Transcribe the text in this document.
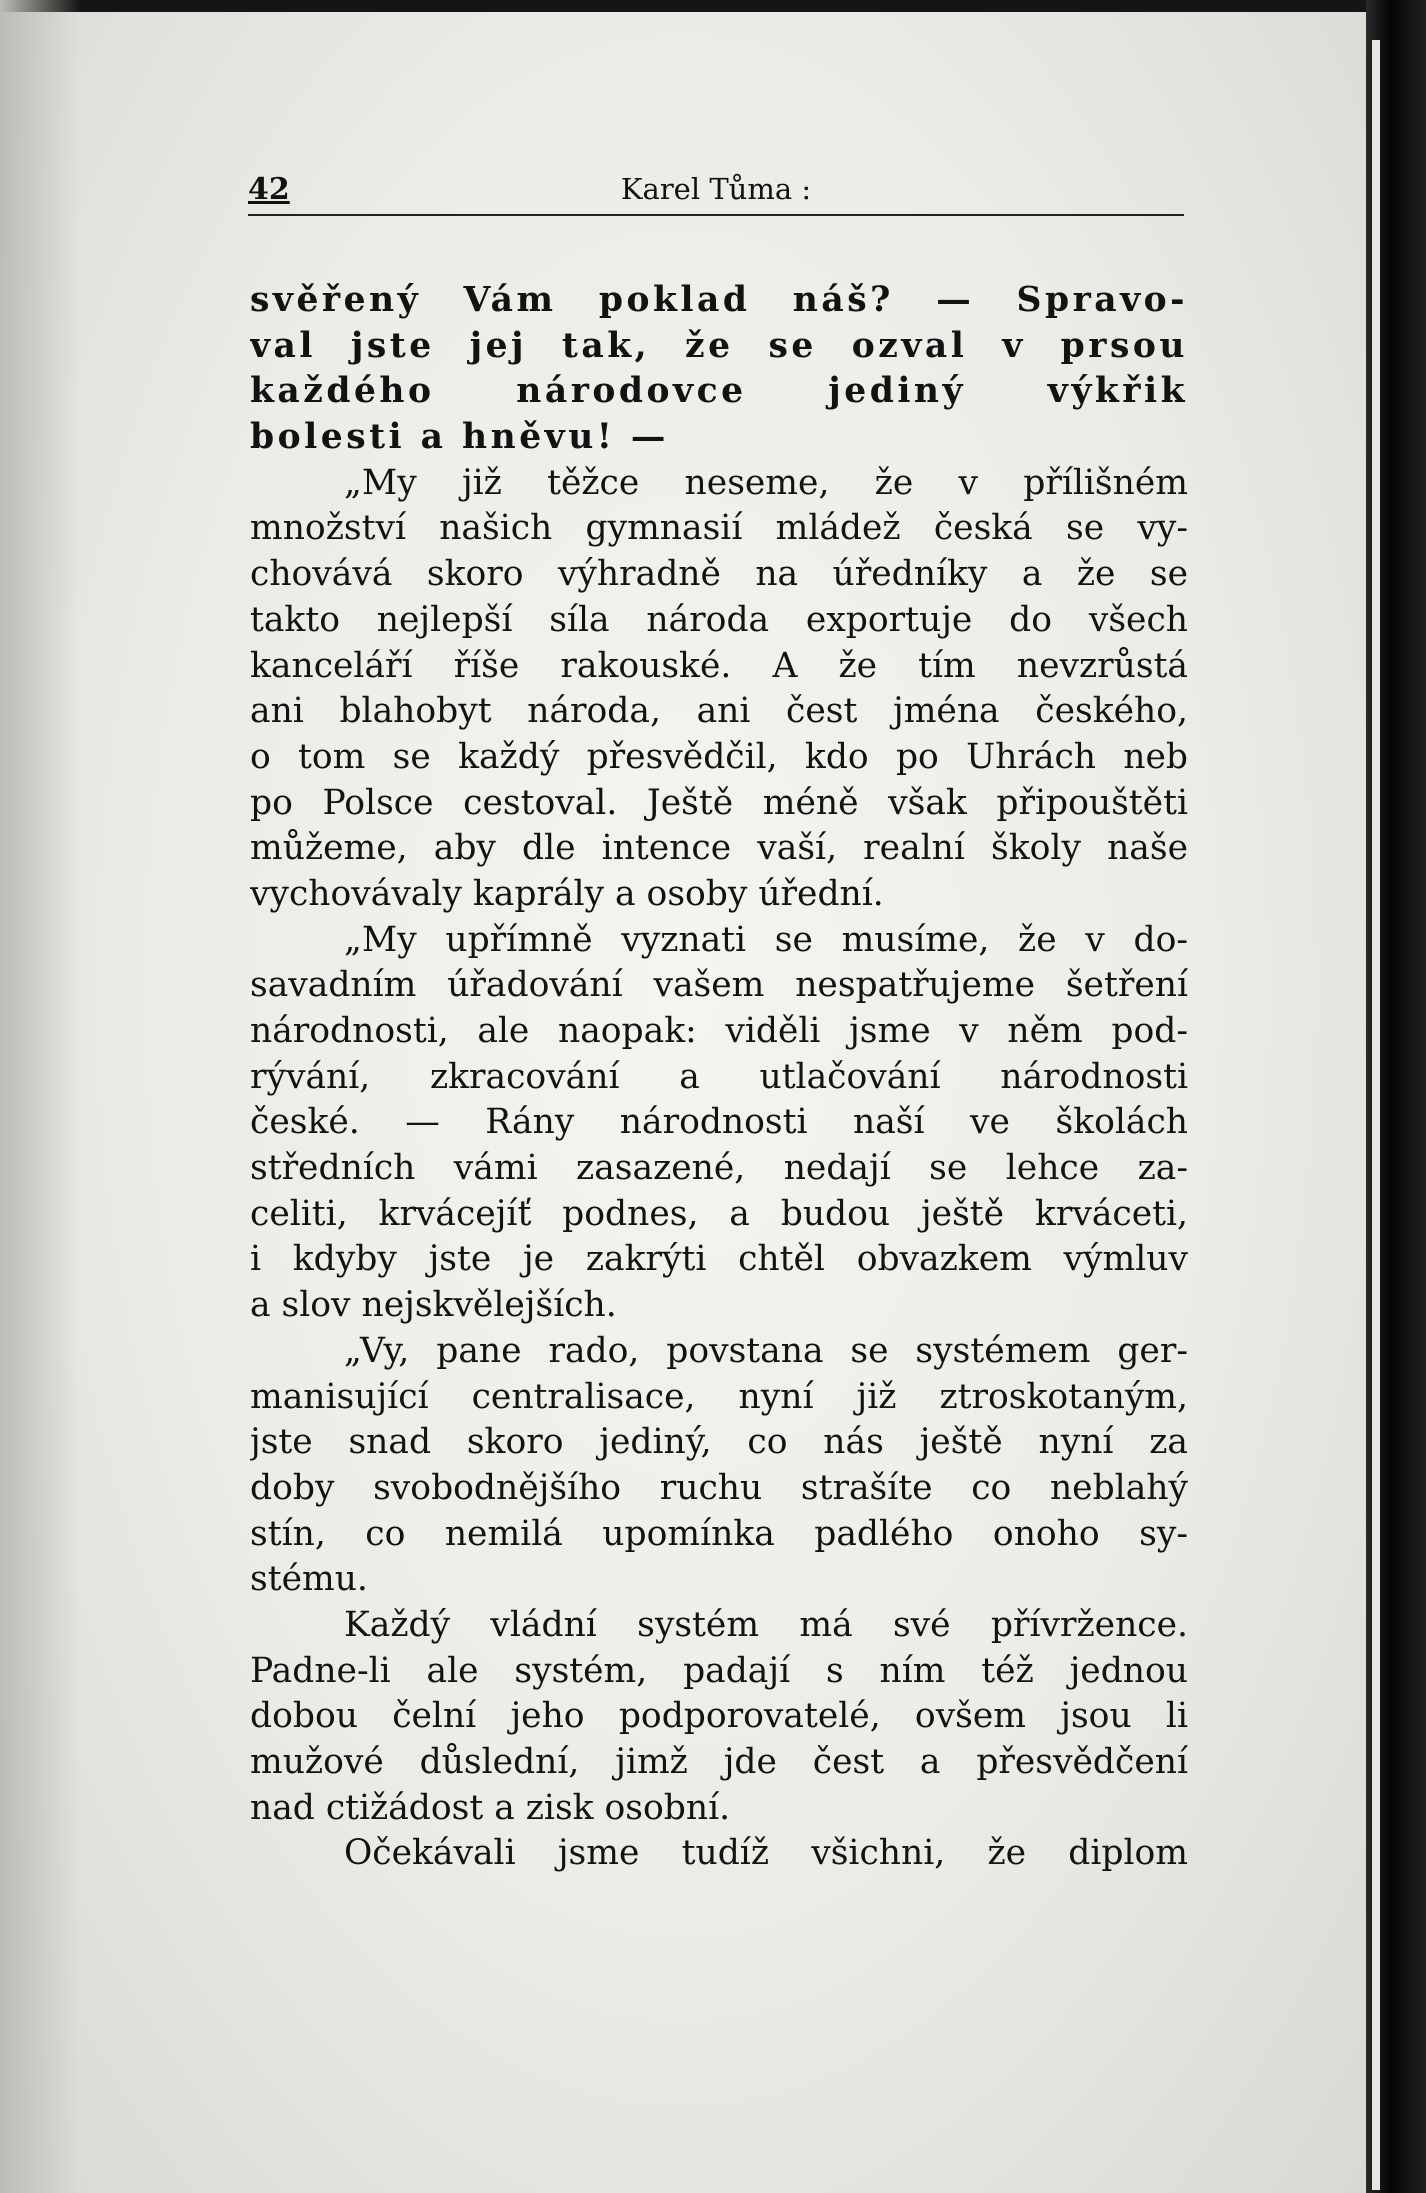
42	Karel Tůma :
svěřený Vám poklad náš? — Spravo-
val jste jej tak, že se ozval v prsou
každého národovce jediný výkřik
bolesti a hněvu! —
„My již těžce neseme, že v přílišném
množství našich gymnasií mládež česká se vy-
chovává skoro výhradně na úředníky a že se
takto nejlepší síla národa exportuje do všech
kanceláří říše rakouské. A že tím nevzrůstá
ani blahobyt národa, ani čest jména českého,
o tom se každý přesvědčil, kdo po Uhrách neb
po Polsce cestoval. Ještě méně však připouštěti
můžeme, aby dle intence vaší, realní školy naše
vychovávaly kaprály a osoby úřední.
„My upřímně vyznati se musíme, že v do-
savadním úřadování vašem nespatřujeme šetření
národnosti, ale naopak: viděli jsme v něm pod-
rývání, zkracování a utlačování národnosti
české. — Rány národnosti naší ve školách
středních vámi zasazené, nedají se lehce za-
celiti, krvácejíť podnes, a budou ještě krváceti,
i kdyby jste je zakrýti chtěl obvazkem výmluv
a slov nejskvělejších.
„Vy, pane rado, povstana se systémem ger-
manisující centralisace, nyní již ztroskotaným,
jste snad skoro jediný, co nás ještě nyní za
doby svobodnějšího ruchu strašíte co neblahý
stín, co nemilá upomínka padlého onoho sy-
stému.
Každý vládní systém má své přívržence.
Padne-li ale systém, padají s ním též jednou
dobou čelní jeho podporovatelé, ovšem jsou li
mužové důslední, jimž jde čest a přesvědčení
nad ctižádost a zisk osobní.
Očekávali jsme tudíž všichni, že diplom
